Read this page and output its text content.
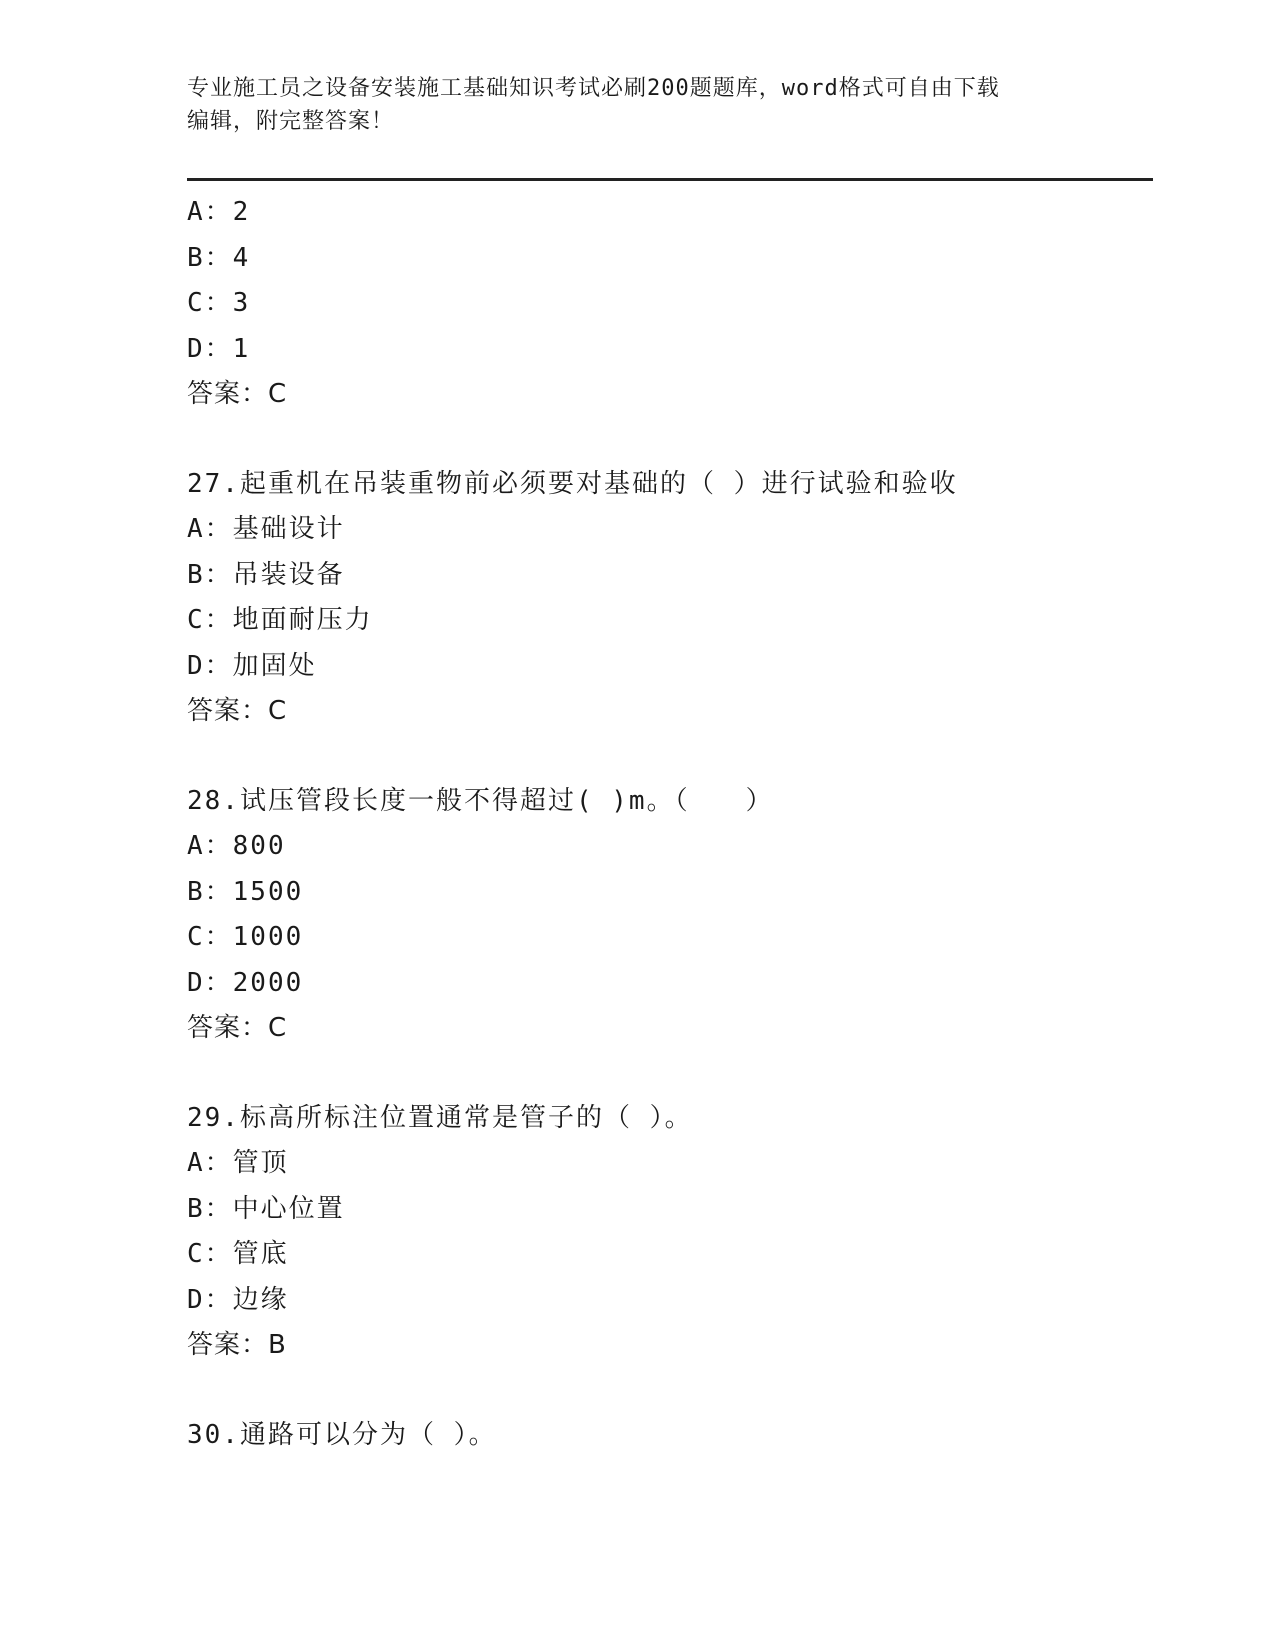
专业施工员之设备安装施工基础知识考试必刷200题题库，word格式可自由下载
编辑，附完整答案！
A：2
B：4
C：3
D：1
答案：C
27.起重机在吊装重物前必须要对基础的（ ）进行试验和验收
A：基础设计
B：吊装设备
C：地面耐压力
D：加固处
答案：C
28.试压管段长度一般不得超过( )m。（　　）
A：800
B：1500
C：1000
D：2000
答案：C
29.标高所标注位置通常是管子的（ ）。
A：管顶
B：中心位置
C：管底
D：边缘
答案：B
30.通路可以分为（ ）。
